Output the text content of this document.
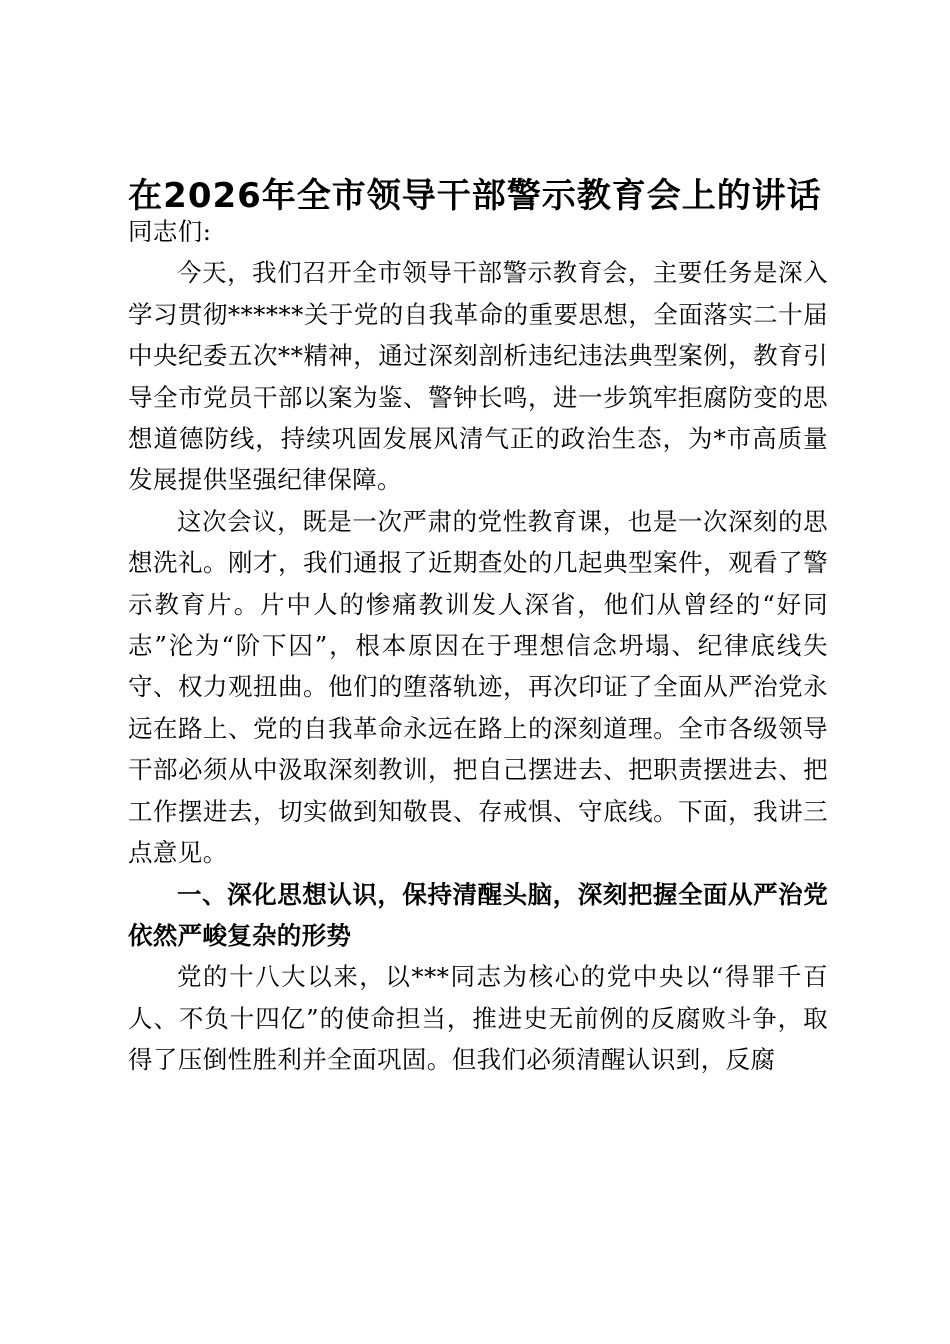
在2026年全市领导干部警示教育会上的讲话

同志们:

今天，我们召开全市领导干部警示教育会，主要任务是深入学习贯彻******关于党的自我革命的重要思想，全面落实二十届中央纪委五次**精神，通过深刻剖析违纪违法典型案例，教育引导全市党员干部以案为鉴、警钟长鸣，进一步筑牢拒腐防变的思想道德防线，持续巩固发展风清气正的政治生态，为*市高质量发展提供坚强纪律保障。

这次会议，既是一次严肃的党性教育课，也是一次深刻的思想洗礼。刚才，我们通报了近期查处的几起典型案件，观看了警示教育片。片中人的惨痛教训发人深省，他们从曾经的“好同志”沦为“阶下囚”，根本原因在于理想信念坍塌、纪律底线失守、权力观扭曲。他们的堕落轨迹，再次印证了全面从严治党永远在路上、党的自我革命永远在路上的深刻道理。全市各级领导干部必须从中汲取深刻教训，把自己摆进去、把职责摆进去、把工作摆进去，切实做到知敬畏、存戒惧、守底线。下面，我讲三点意见。

一、深化思想认识，保持清醒头脑，深刻把握全面从严治党依然严峻复杂的形势

党的十八大以来，以***同志为核心的党中央以“得罪千百人、不负十四亿”的使命担当，推进史无前例的反腐败斗争，取得了压倒性胜利并全面巩固。但我们必须清醒认识到，反腐
